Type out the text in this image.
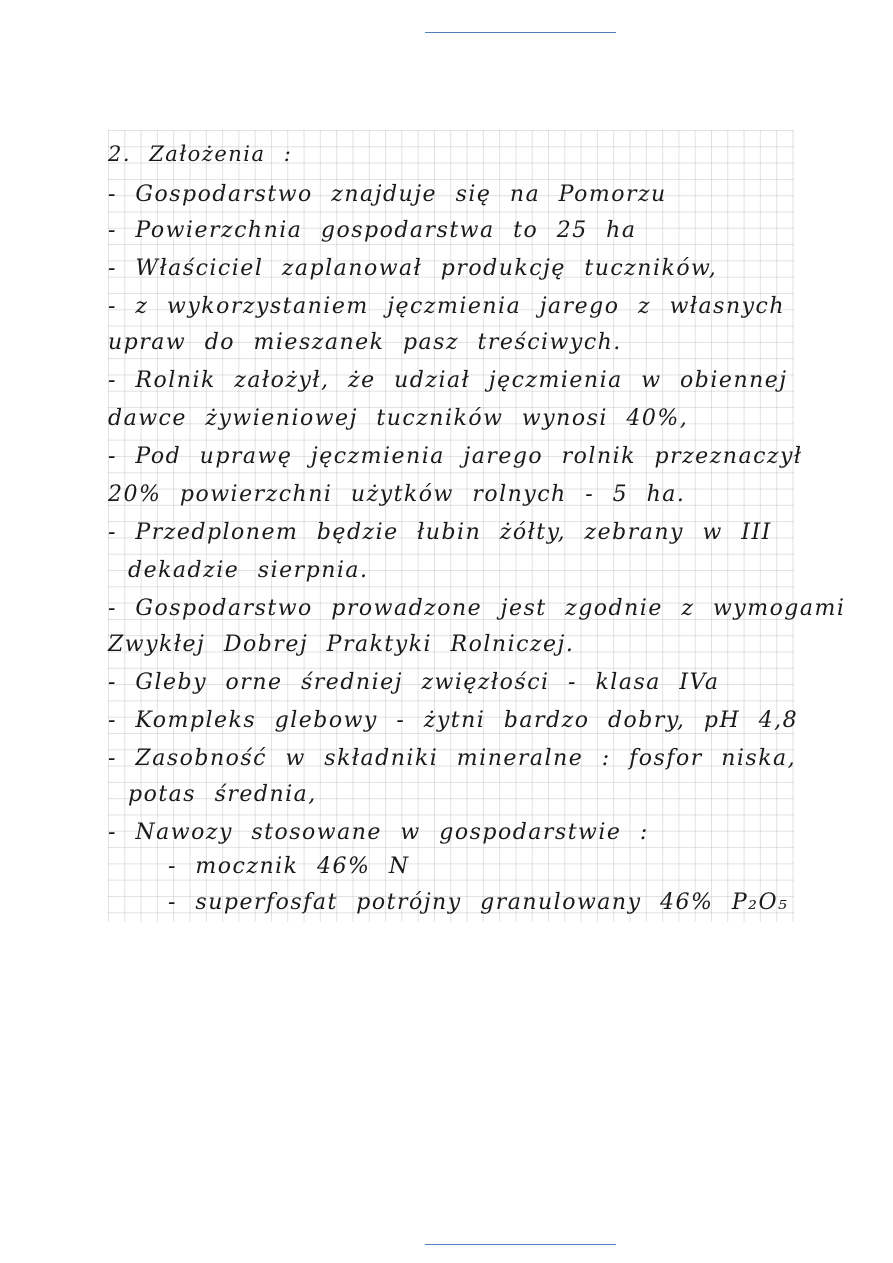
2. Założenia :
- Gospodarstwo znajduje się na Pomorzu
- Powierzchnia gospodarstwa to 25 ha
- Właściciel zaplanował produkcję tuczników,
- z wykorzystaniem jęczmienia jarego z własnych
upraw do mieszanek pasz treściwych.
- Rolnik założył, że udział jęczmienia w obiennej
dawce żywieniowej tuczników wynosi 40%,
- Pod uprawę jęczmienia jarego rolnik przeznaczył
20% powierzchni użytków rolnych - 5 ha.
- Przedplonem będzie łubin żółty, zebrany w III
dekadzie sierpnia.
- Gospodarstwo prowadzone jest zgodnie z wymogami
Zwykłej Dobrej Praktyki Rolniczej.
- Gleby orne średniej zwięzłości - klasa IVa
- Kompleks glebowy - żytni bardzo dobry, pH 4,8
- Zasobność w składniki mineralne : fosfor niska,
potas średnia,
- Nawozy stosowane w gospodarstwie :
- mocznik 46% N
- superfosfat potrójny granulowany 46% P₂O₅
